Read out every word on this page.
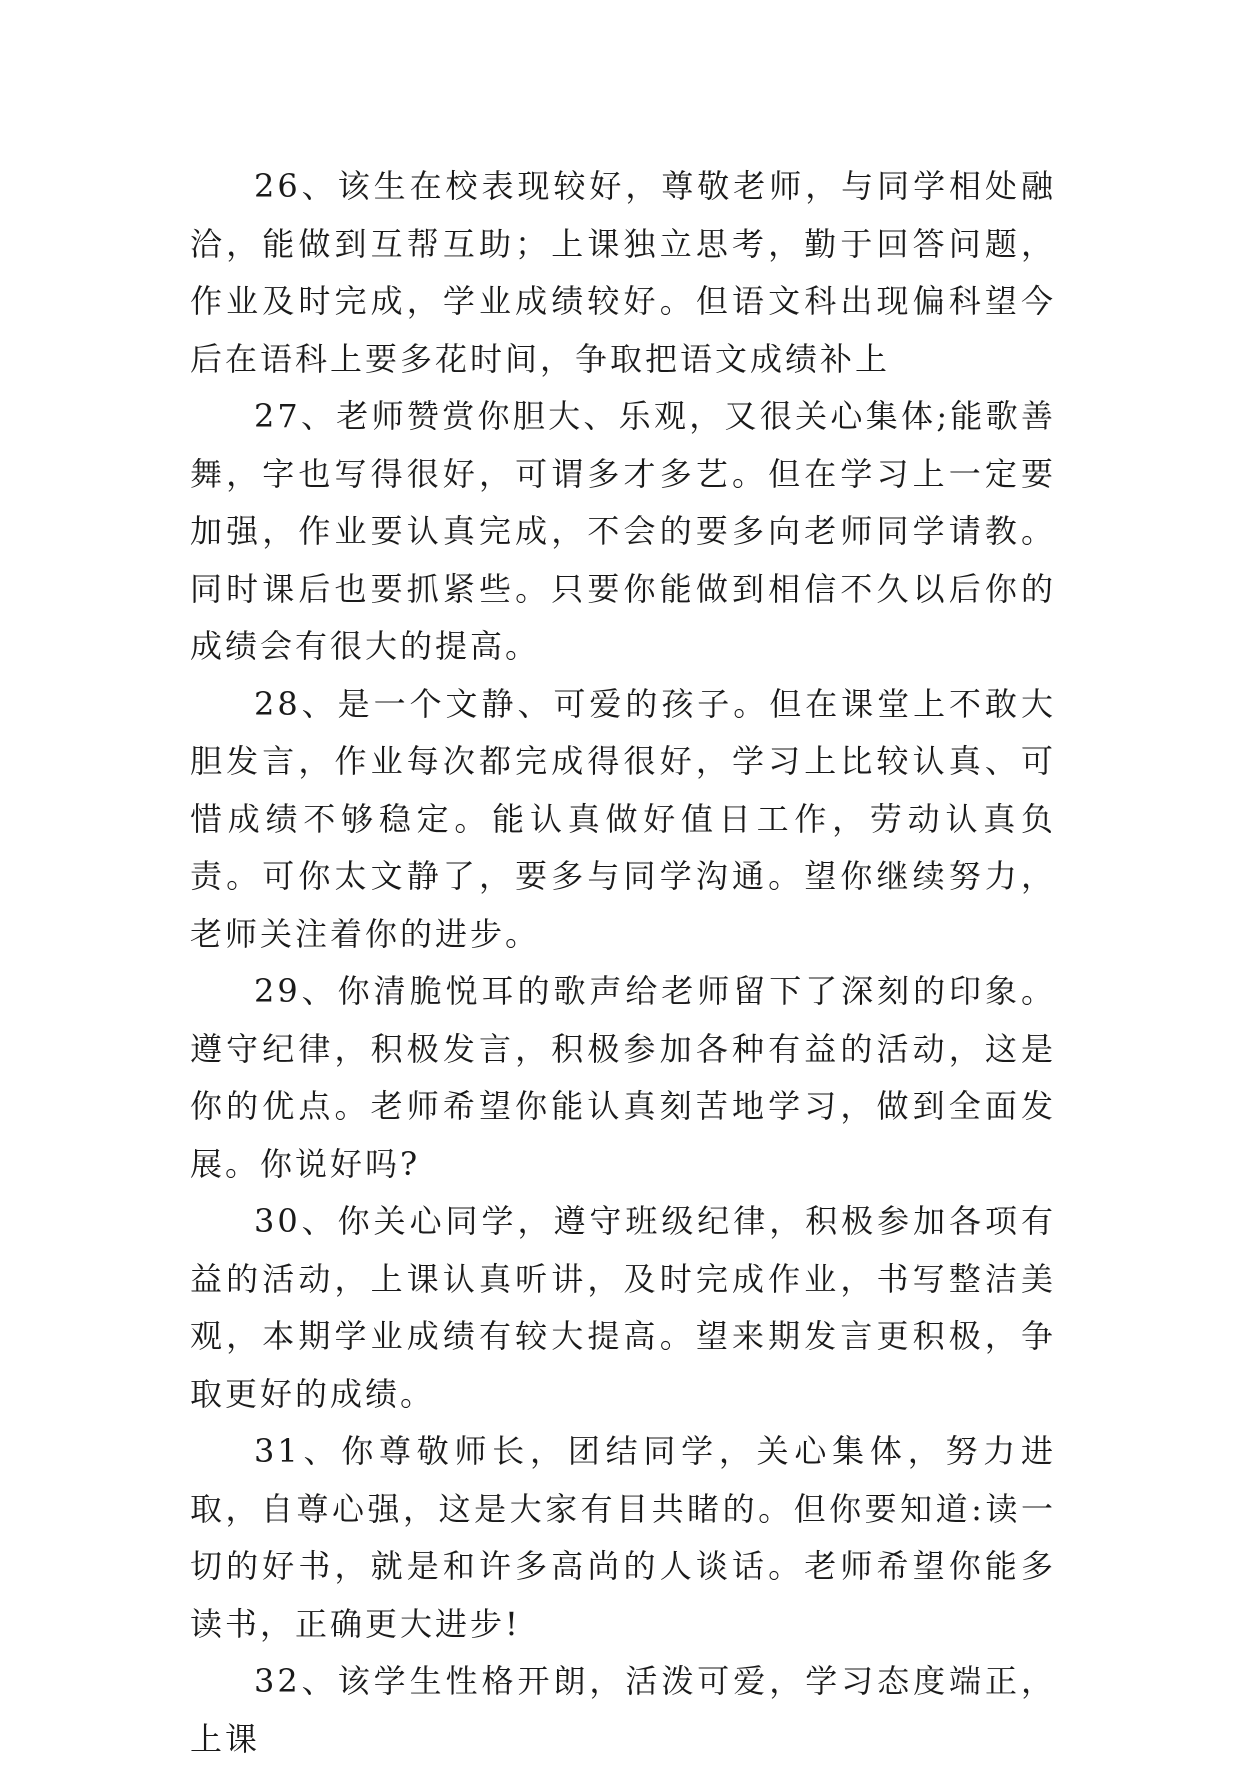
26、该生在校表现较好，尊敬老师，与同学相处融洽，能做到互帮互助；上课独立思考，勤于回答问题，作业及时完成，学业成绩较好。但语文科出现偏科望今后在语科上要多花时间，争取把语文成绩补上

27、老师赞赏你胆大、乐观，又很关心集体;能歌善舞，字也写得很好，可谓多才多艺。但在学习上一定要加强，作业要认真完成，不会的要多向老师同学请教。同时课后也要抓紧些。只要你能做到相信不久以后你的成绩会有很大的提高。

28、是一个文静、可爱的孩子。但在课堂上不敢大胆发言，作业每次都完成得很好，学习上比较认真、可惜成绩不够稳定。能认真做好值日工作，劳动认真负责。可你太文静了，要多与同学沟通。望你继续努力，老师关注着你的进步。

29、你清脆悦耳的歌声给老师留下了深刻的印象。遵守纪律，积极发言，积极参加各种有益的活动，这是你的优点。老师希望你能认真刻苦地学习，做到全面发展。你说好吗?

30、你关心同学，遵守班级纪律，积极参加各项有益的活动，上课认真听讲，及时完成作业，书写整洁美观，本期学业成绩有较大提高。望来期发言更积极，争取更好的成绩。

31、你尊敬师长，团结同学，关心集体，努力进取，自尊心强，这是大家有目共睹的。但你要知道:读一切的好书，就是和许多高尚的人谈话。老师希望你能多读书，正确更大进步!

32、该学生性格开朗，活泼可爱，学习态度端正，上课
